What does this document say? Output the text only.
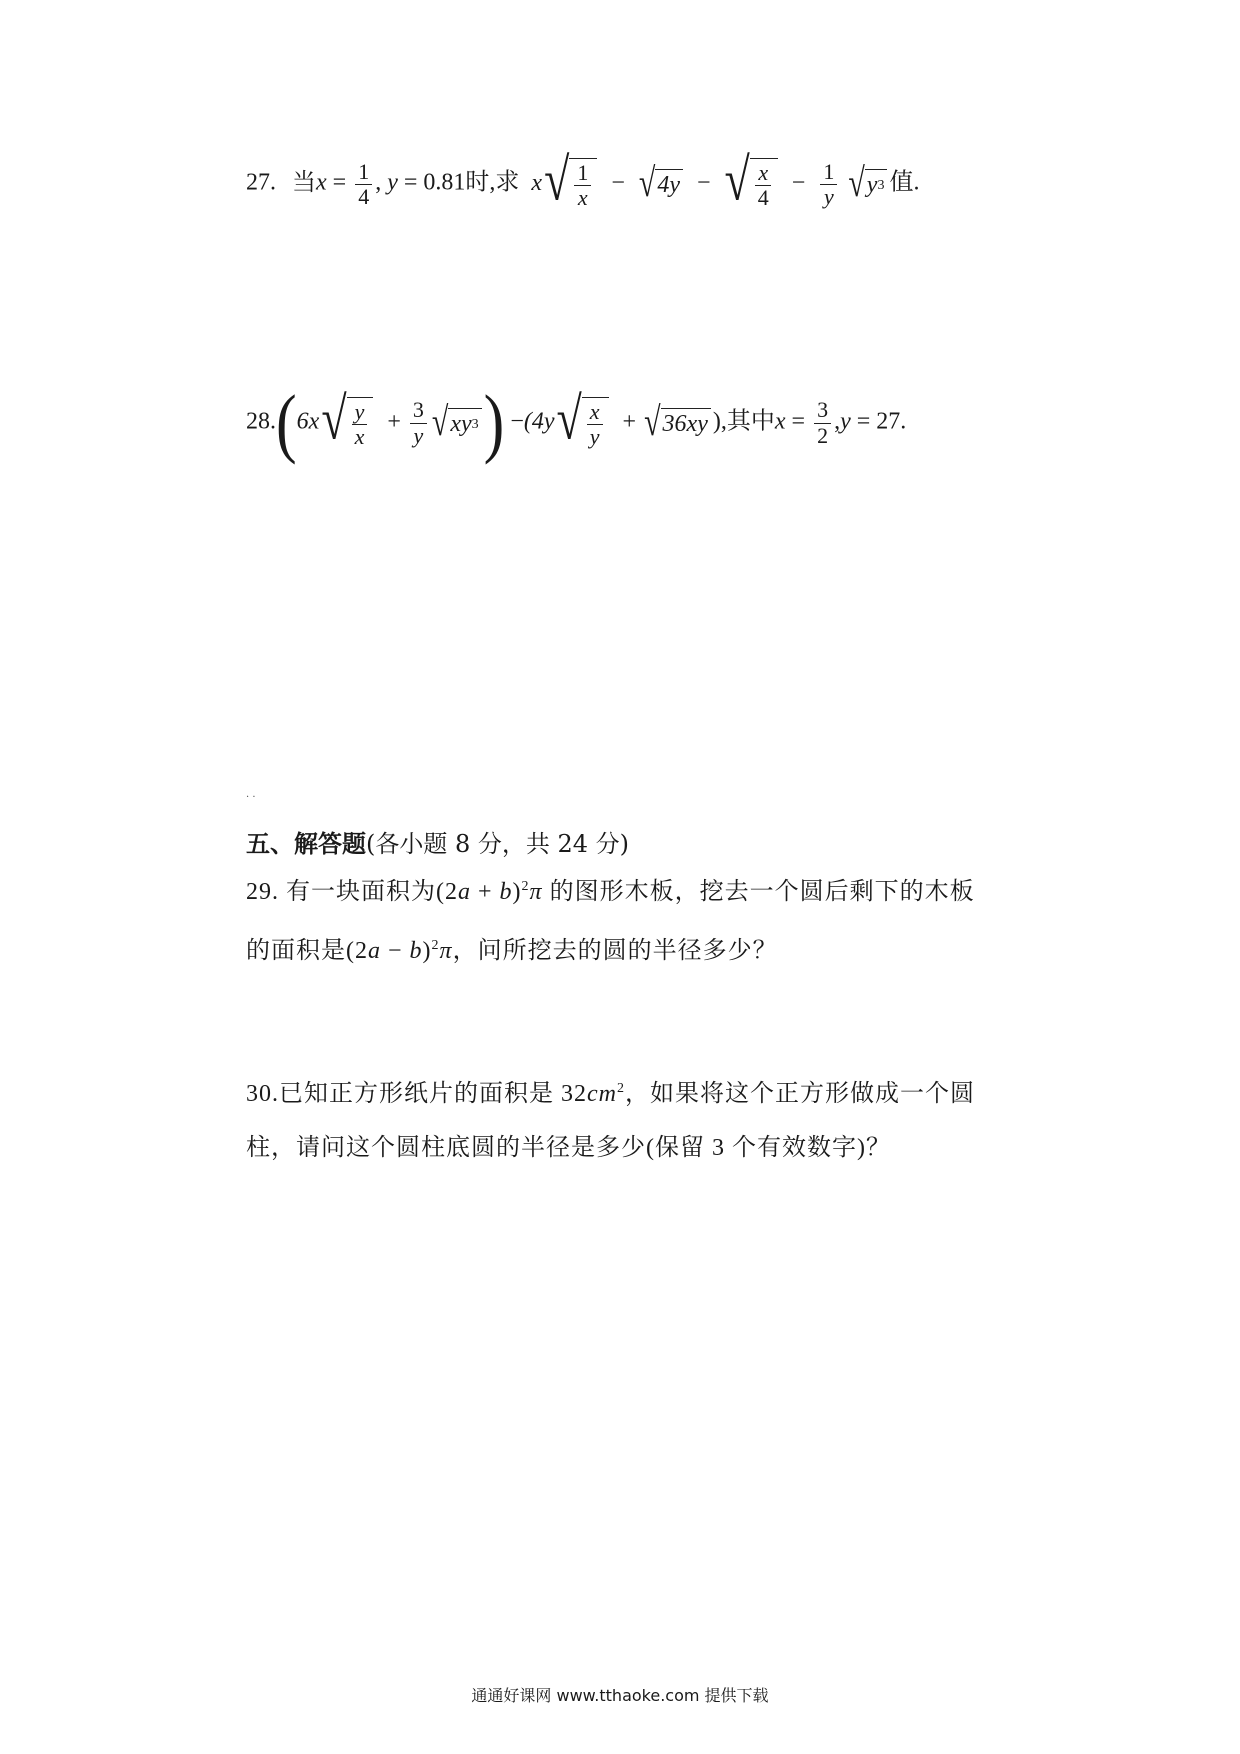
27. 当$x = \frac{1}{4}$ , y = 0.81时,求 x √ $\frac{1}{x}$ − √ 4y − √ $\frac{x}{4} - \frac{1}{y}$
√ y 3 值.
28.(6x √ $\frac{y}{x} + \frac{3}{y}$ √ xy 3 ) −(4y √ $\frac{x}{y}$ + √ 36xy ),其中$x = \frac{3}{2} ,y = 27$.
· ·
五、解答题(各小题 8 分，共 24 分)
29. 有一块面积为$(2a + b)^2\pi$ 的图形木板，挖去一个圆后剩下的木板
的面积是$(2a - b)^2\pi$，问所挖去的圆的半径多少？
30.已知正方形纸片的面积是 $32cm^2$，如果将这个正方形做成一个圆
柱，请问这个圆柱底圆的半径是多少(保留 3 个有效数字)？
通通好课网 www.tthaoke.com 提供下载
